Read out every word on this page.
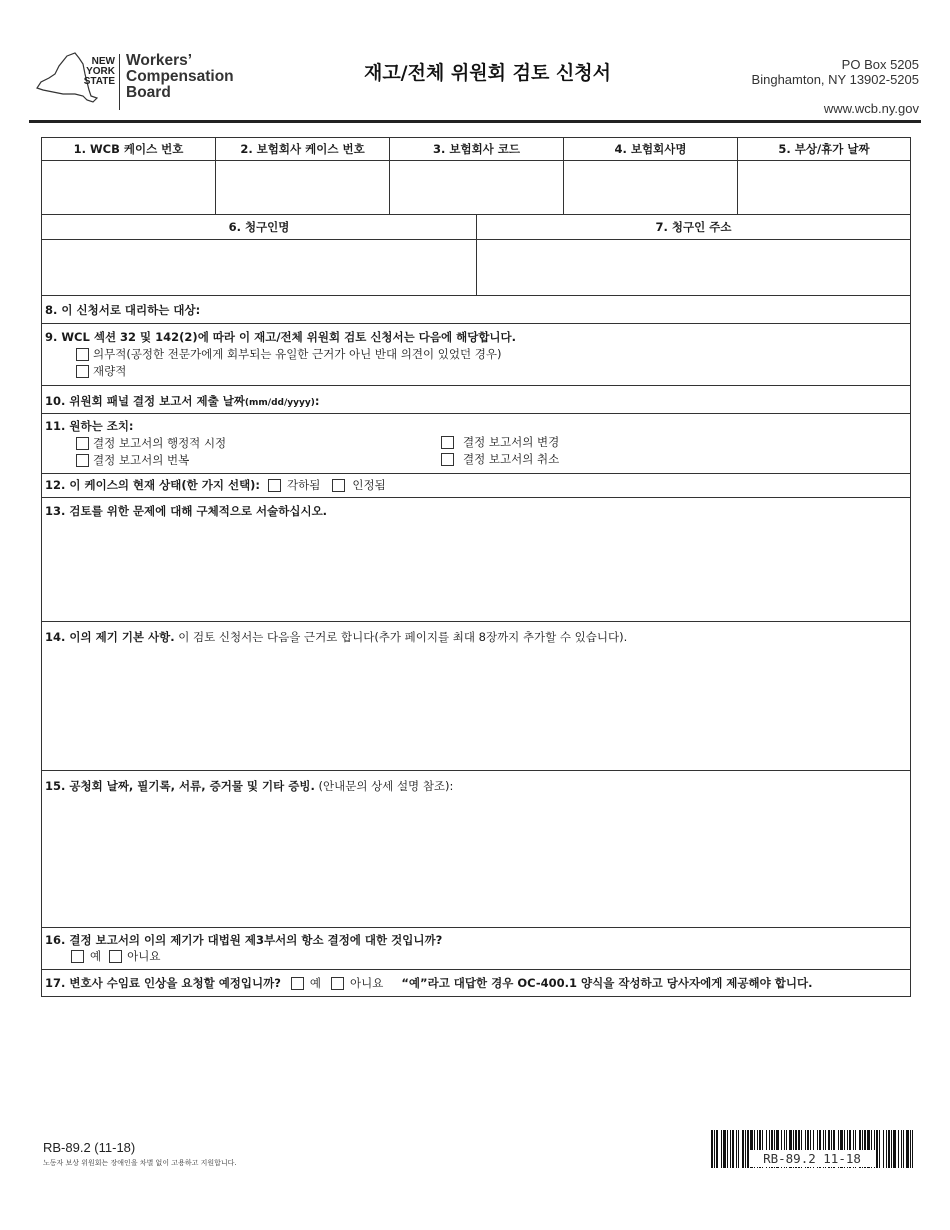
NEW
YORK
STATE
Workers’
Compensation
Board
재고/전체 위원회 검토 신청서	PO Box 5205
Binghamton, NY 13902-5205
www.wcb.ny.gov
1. WCB 케이스 번호	2. 보험회사 케이스 번호	3. 보험회사 코드	4. 보험회사명	5. 부상/휴가 날짜
6. 청구인명	7. 청구인 주소
8. 이 신청서로 대리하는 대상:
9. WCL 섹션 32 및 142(2)에 따라 이 재고/전체 위원회 검토 신청서는 다음에 해당합니다.
의무적(공정한 전문가에게 회부되는 유일한 근거가 아닌 반대 의견이 있었던 경우)
재량적
10. 위원회 패널 결정 보고서 제출 날짜(mm/dd/yyyy):
11. 원하는 조치:
결정 보고서의 행정적 시정
결정 보고서의 번복
결정 보고서의 변경
결정 보고서의 취소
12. 이 케이스의 현재 상태(한 가지 선택): 각하됨	인정됨
13. 검토를 위한 문제에 대해 구체적으로 서술하십시오.
14. 이의 제기 기본 사항. 이 검토 신청서는 다음을 근거로 합니다(추가 페이지를 최대 8장까지 추가할 수 있습니다).
15. 공청회 날짜, 필기록, 서류, 증거물 및 기타 증빙. (안내문의 상세 설명 참조):
16. 결정 보고서의 이의 제기가 대법원 제3부서의 항소 결정에 대한 것입니까?
예 아니요
17. 변호사 수임료 인상을 요청할 예정입니까?	예	아니요 “예”라고 대답한 경우 OC-400.1 양식을 작성하고 당사자에게 제공해야 합니다.
RB-89.2 (11-18)
노동자 보상 위원회는 장애인을 차별 없이 고용하고 지원합니다.	RB-89.2 11-18
